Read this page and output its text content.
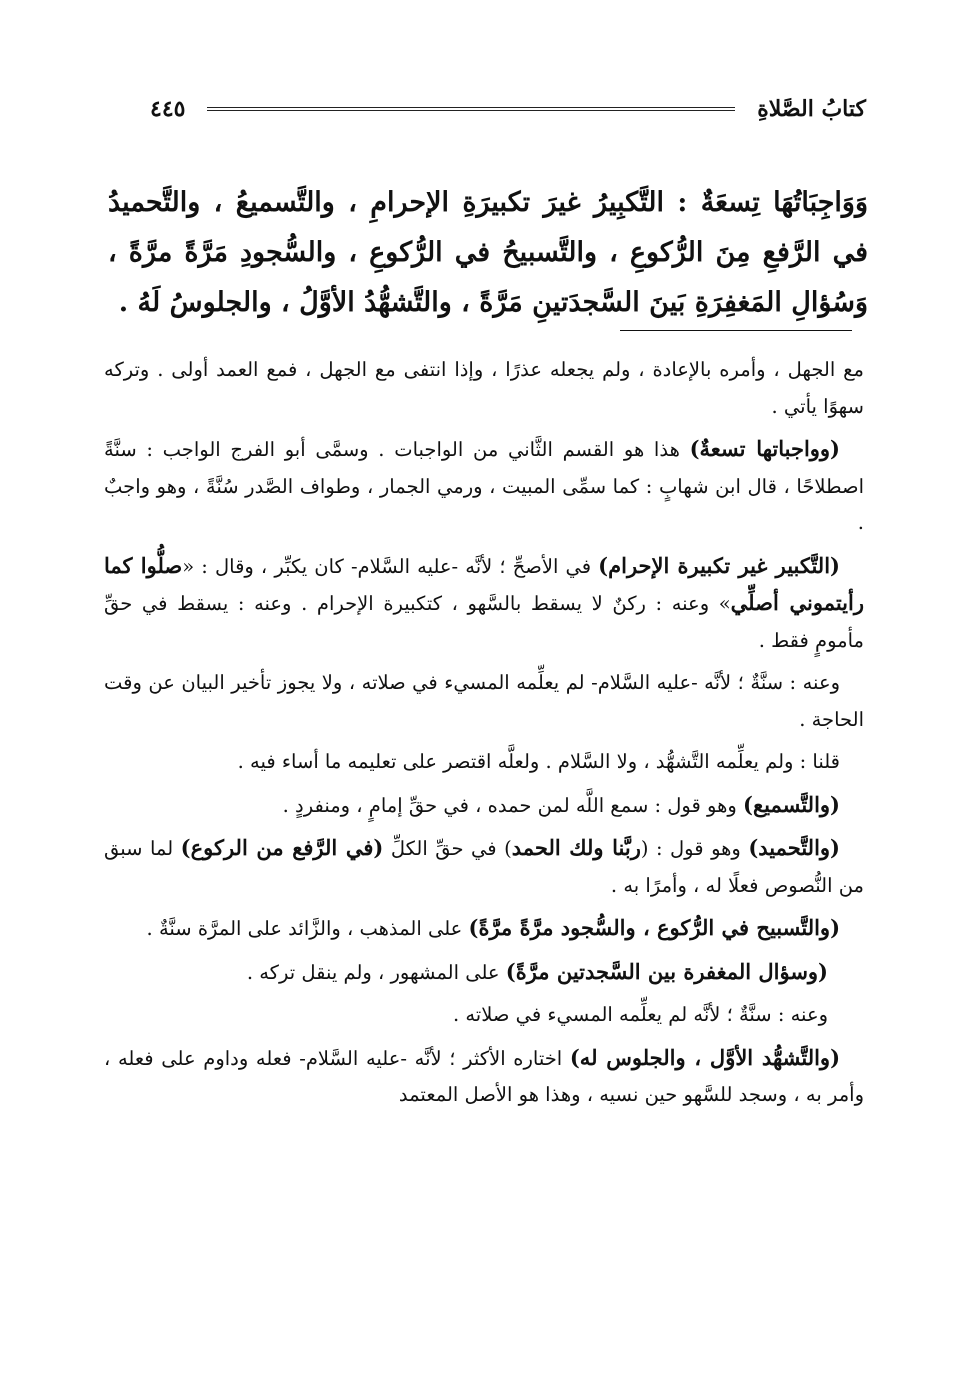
كتابُ الصَّلاةِ
٤٤٥
وَوَاجِبَاتُهَا تِسعَةٌ : التَّكبِيرُ غيرَ تكبيرَةِ الإحرامِ ، والتَّسميعُ ، والتَّحميدُ في الرَّفعِ مِنَ الرُّكوعِ ، والتَّسبيحُ في الرُّكوعِ ، والسُّجودِ مَرَّةً مرَّةً ، وَسُؤالِ المَغفِرَةِ بَينَ السَّجدَتينِ مَرَّةً ، والتَّشهُّدُ الأوَّلُ ، والجلوسُ لَهُ .

مع الجهل ، وأمره بالإعادة ، ولم يجعله عذرًا ، وإذا انتفى مع الجهل ، فمع العمد أولى . وتركه سهوًا يأتي .

(وواجباتها تسعةٌ) هذا هو القسم الثَّاني من الواجبات . وسمَّى أبو الفرج الواجب : سنَّةً اصطلاحًا ، قال ابن شهابٍ : كما سمِّى المبيت ، ورمي الجمار ، وطواف الصَّدر سُنَّةً ، وهو واجبٌ .

(التَّكبير غير تكبيرة الإحرام) في الأصحِّ ؛ لأنَّه -عليه السَّلام- كان يكبِّر ، وقال : «صلُّوا كما رأيتموني أصلِّي» وعنه : ركنٌ لا يسقط بالسَّهو ، كتكبيرة الإحرام . وعنه : يسقط في حقِّ مأمومٍ فقط .

وعنه : سنَّةٌ ؛ لأنَّه -عليه السَّلام- لم يعلِّمه المسيء في صلاته ، ولا يجوز تأخير البيان عن وقت الحاجة .

قلنا : ولم يعلِّمه التَّشهُّد ، ولا السَّلام . ولعلَّه اقتصر على تعليمه ما أساء فيه .

(والتَّسميع) وهو قول : سمع اللَّه لمن حمده ، في حقِّ إمامٍ ، ومنفردٍ .

(والتَّحميد) وهو قول : (ربَّنا ولك الحمد) في حقِّ الكلِّ (في الرَّفع من الركوع) لما سبق من النُّصوص فعلًا له ، وأمرًا به .

(والتَّسبيح في الرُّكوع ، والسُّجود مرَّةً مرَّةً) على المذهب ، والزَّائد على المرَّة سنَّةٌ .

(وسؤال المغفرة بين السَّجدتين مرَّةً) على المشهور ، ولم ينقل تركه .

وعنه : سنَّةٌ ؛ لأنَّه لم يعلِّمه المسيء في صلاته .

(والتَّشهُّد الأوَّل ، والجلوس له) اختاره الأكثر ؛ لأنَّه -عليه السَّلام- فعله وداوم على فعله ، وأمر به ، وسجد للسَّهو حين نسيه ، وهذا هو الأصل المعتمد
